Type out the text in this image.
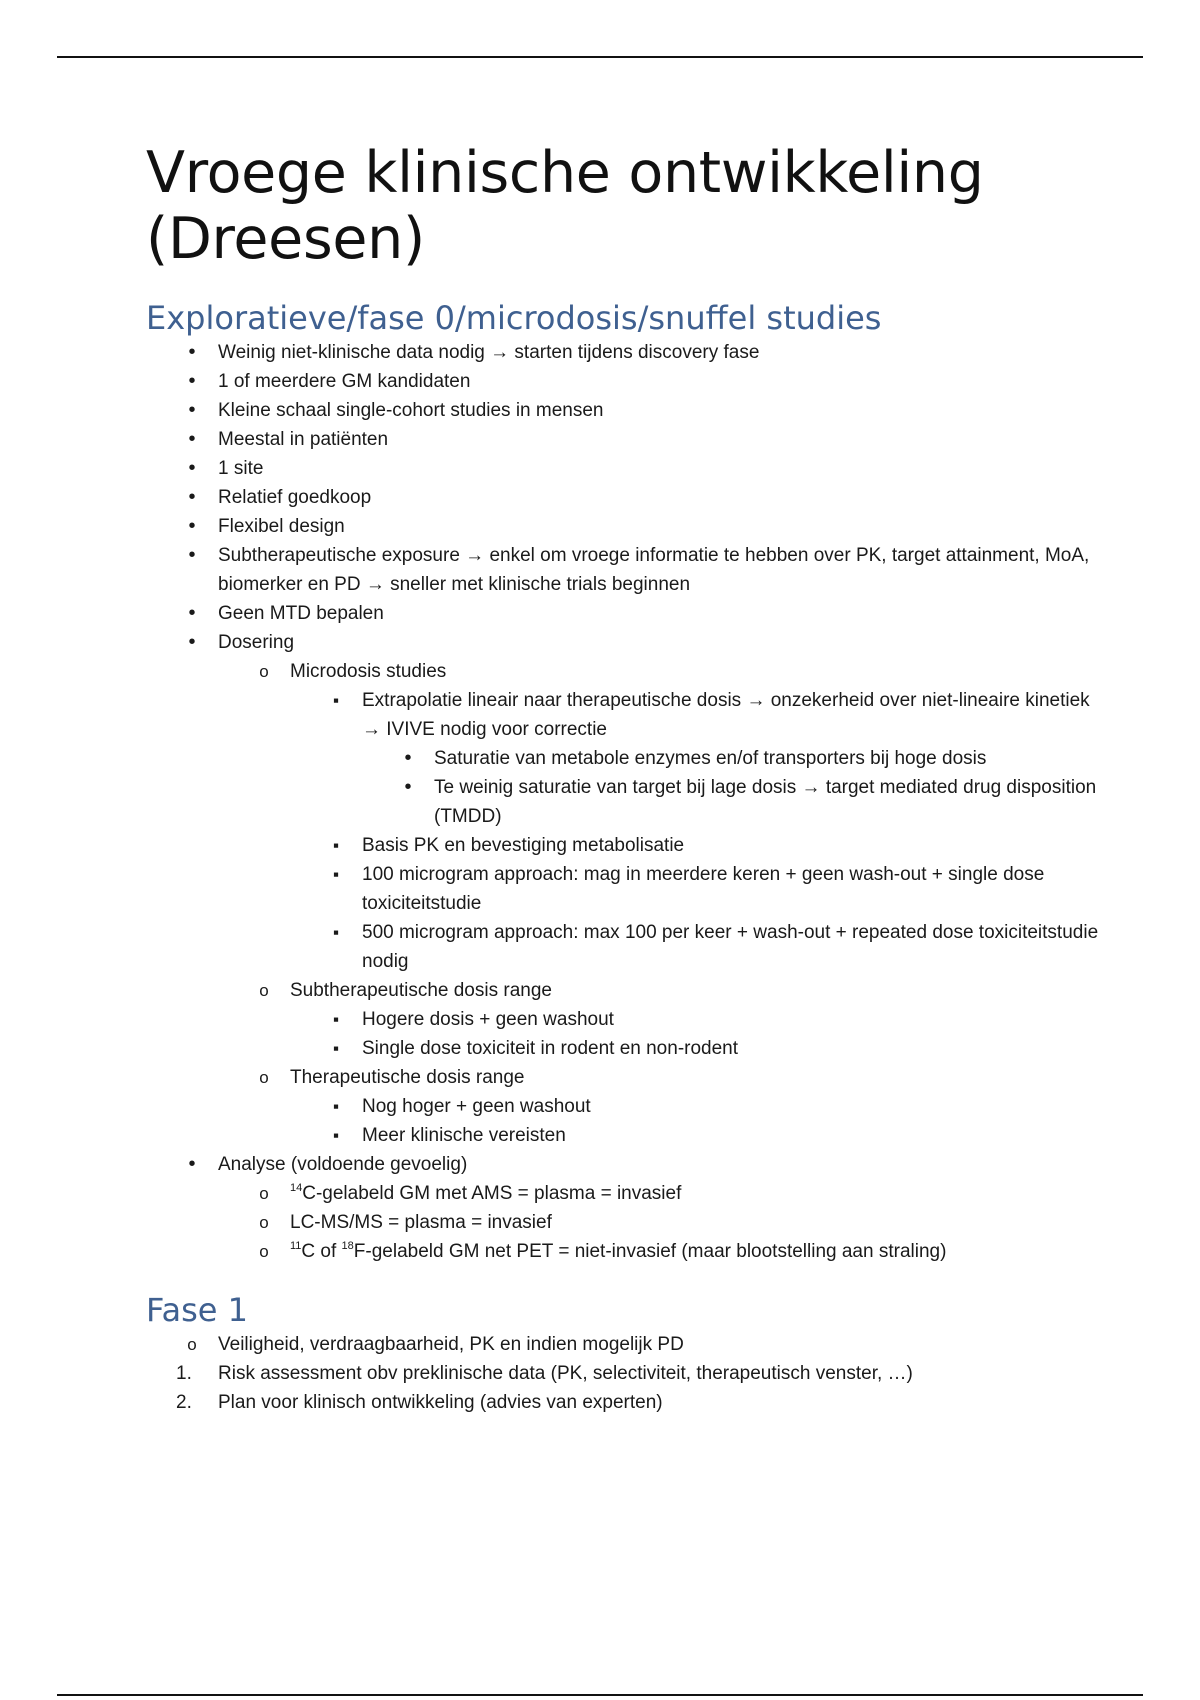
Vroege klinische ontwikkeling (Dreesen)
Exploratieve/fase 0/microdosis/snuffel studies
•
Weinig niet-klinische data nodig → starten tijdens discovery fase
•
1 of meerdere GM kandidaten
•
Kleine schaal single-cohort studies in mensen
•
Meestal in patiënten
•
1 site
•
Relatief goedkoop
•
Flexibel design
•
Subtherapeutische exposure → enkel om vroege informatie te hebben over PK, target attainment, MoA, biomerker en PD → sneller met klinische trials beginnen
•
Geen MTD bepalen
•
Dosering
o
Microdosis studies
▪
Extrapolatie lineair naar therapeutische dosis → onzekerheid over niet-lineaire kinetiek → IVIVE nodig voor correctie
•
Saturatie van metabole enzymes en/of transporters bij hoge dosis
•
Te weinig saturatie van target bij lage dosis → target mediated drug disposition (TMDD)
▪
Basis PK en bevestiging metabolisatie
▪
100 microgram approach: mag in meerdere keren + geen wash-out + single dose toxiciteitstudie
▪
500 microgram approach: max 100 per keer + wash-out + repeated dose toxiciteitstudie nodig
o
Subtherapeutische dosis range
▪
Hogere dosis + geen washout
▪
Single dose toxiciteit in rodent en non-rodent
o
Therapeutische dosis range
▪
Nog hoger + geen washout
▪
Meer klinische vereisten
•
Analyse (voldoende gevoelig)
o
$^{14}$C-gelabeld GM met AMS = plasma = invasief
o
LC-MS/MS = plasma = invasief
o
$^{11}$C of $^{18}$F-gelabeld GM net PET = niet-invasief (maar blootstelling aan straling)
Fase 1
o
Veiligheid, verdraagbaarheid, PK en indien mogelijk PD
1.	Risk assessment obv preklinische data (PK, selectiviteit, therapeutisch venster, …)
2.	Plan voor klinisch ontwikkeling (advies van experten)
